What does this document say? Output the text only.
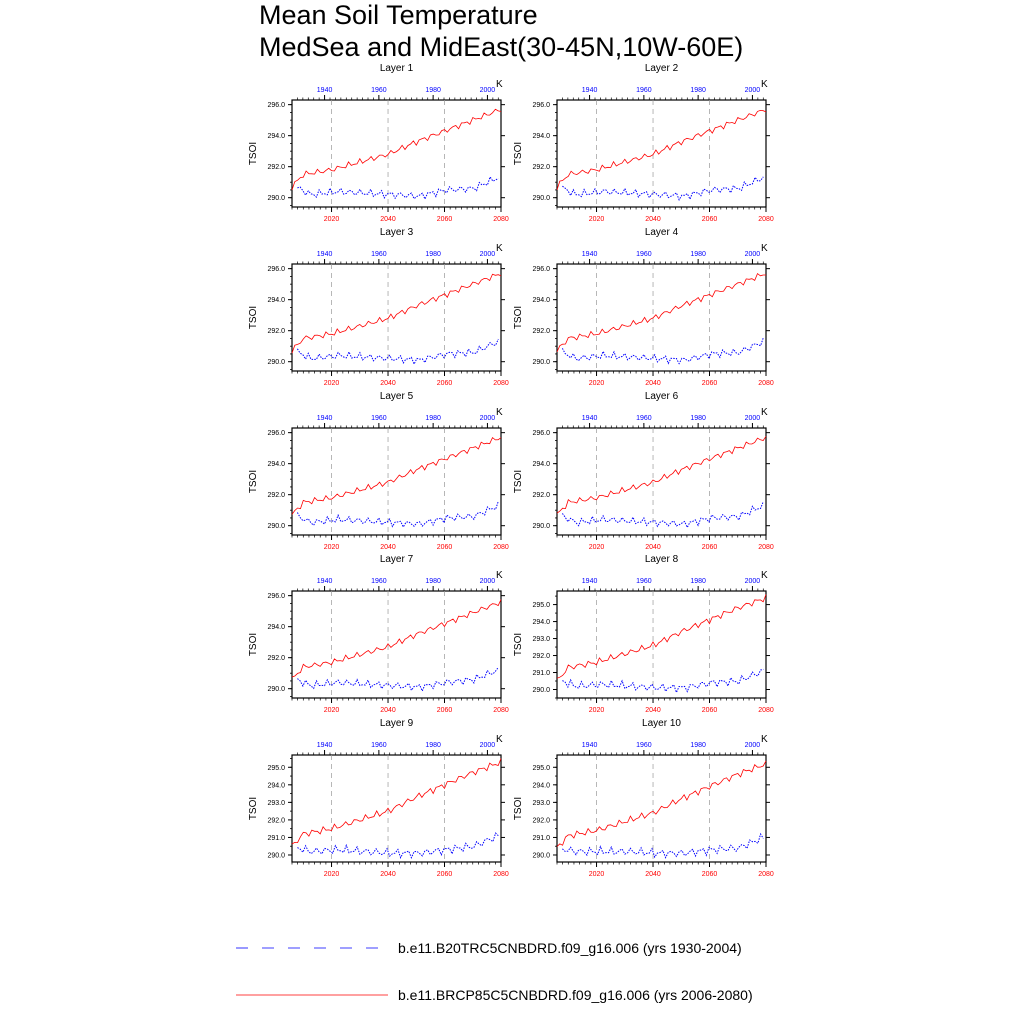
Mean Soil Temperature
MedSea and MidEast(30-45N,10W-60E)
Layer 1
K
TSOI
290.0
292.0
294.0
296.0
2020	2040	2060	2080
1940	1960	1980	2000
Layer 2
K
TSOI
290.0
292.0
294.0
296.0
2020	2040	2060	2080
1940	1960	1980	2000
Layer 3
K
TSOI
290.0
292.0
294.0
296.0
2020	2040	2060	2080
1940	1960	1980	2000
Layer 4
K
TSOI
290.0
292.0
294.0
296.0
2020	2040	2060	2080
1940	1960	1980	2000
Layer 5
K
TSOI
290.0
292.0
294.0
296.0
2020	2040	2060	2080
1940	1960	1980	2000
Layer 6
K
TSOI
290.0
292.0
294.0
296.0
2020	2040	2060	2080
1940	1960	1980	2000
Layer 7
K
TSOI
290.0
292.0
294.0
296.0
2020	2040	2060	2080
1940	1960	1980	2000
Layer 8
K
TSOI
290.0
291.0
292.0
293.0
294.0
295.0
2020	2040	2060	2080
1940	1960	1980	2000
Layer 9
K
TSOI
290.0
291.0
292.0
293.0
294.0
295.0
2020	2040	2060	2080
1940	1960	1980	2000
Layer 10
K
TSOI
290.0
291.0
292.0
293.0
294.0
295.0
2020	2040	2060	2080
1940	1960	1980	2000
b.e11.B20TRC5CNBDRD.f09_g16.006 (yrs 1930-2004)
b.e11.BRCP85C5CNBDRD.f09_g16.006 (yrs 2006-2080)
